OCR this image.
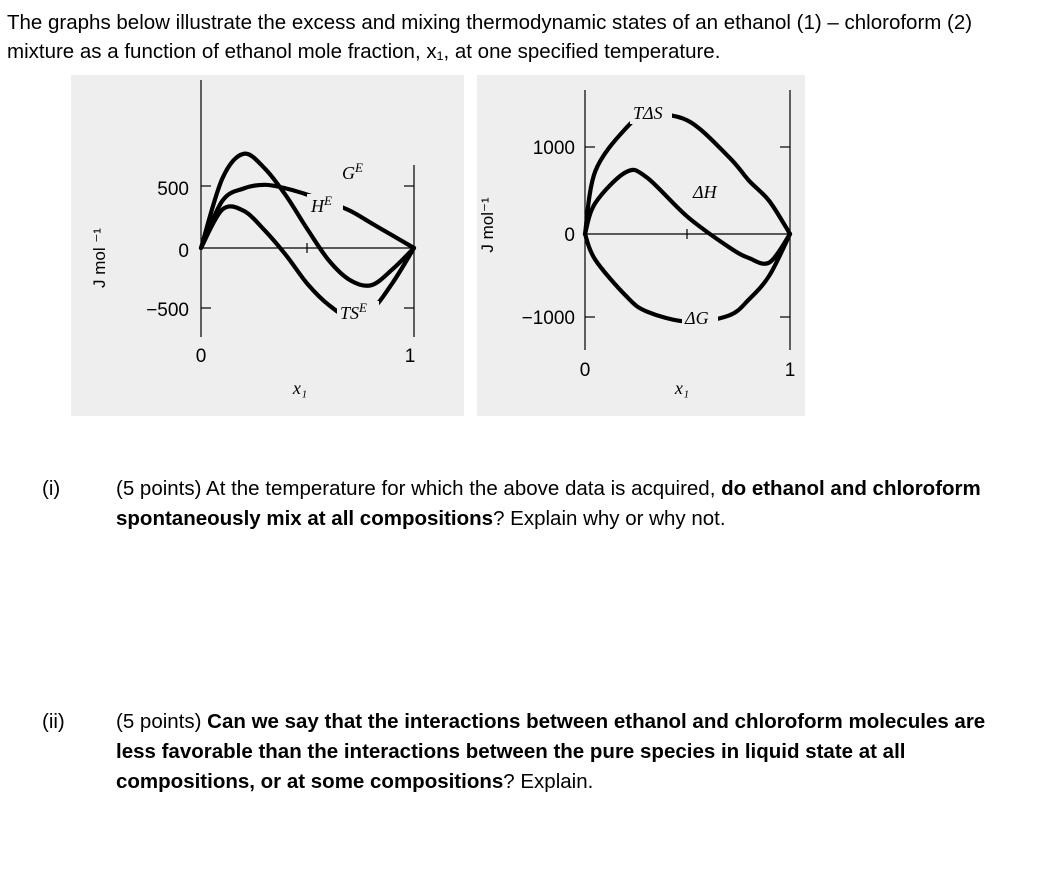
The graphs below illustrate the excess and mixing thermodynamic states of an ethanol (1) – chloroform (2) mixture as a function of ethanol mole fraction, x₁, at one specified temperature.

500
0
−500
0	1
x₁
J mol ⁻¹
$G^E$
$H^E$
$TS^E$
1000
0
−1000
0	1
x₁
J mol⁻¹
TΔS
ΔH
ΔG
(i)	(5 points) At the temperature for which the above data is acquired, do ethanol and chloroform spontaneously mix at all compositions? Explain why or why not.

(ii) (5 points) Can we say that the interactions between ethanol and chloroform molecules are less favorable than the interactions between the pure species in liquid state at all compositions, or at some compositions? Explain.
